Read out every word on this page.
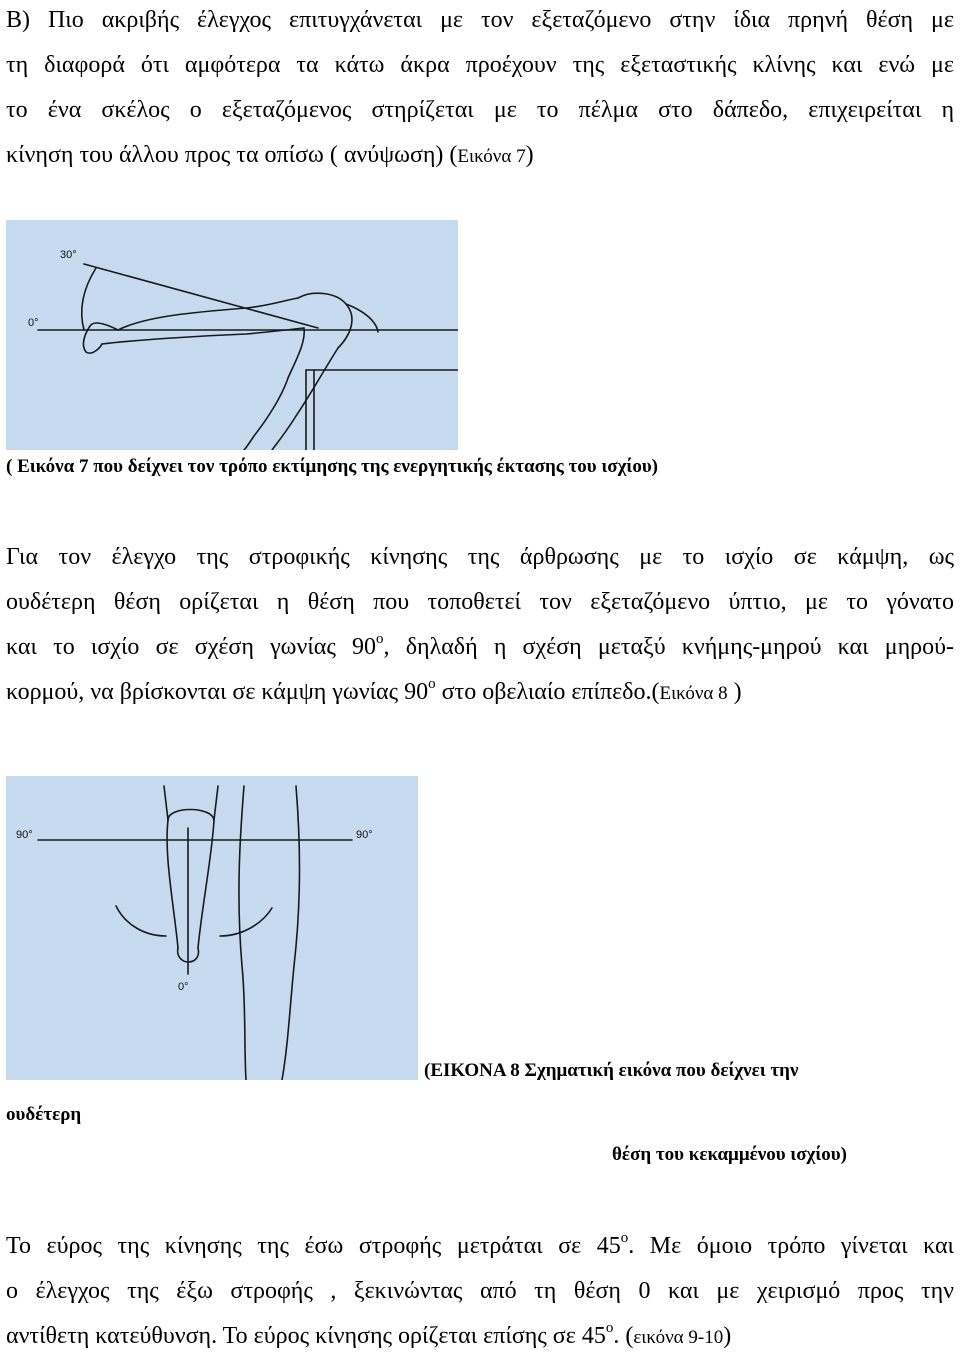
Β) Πιο ακριβής έλεγχος επιτυγχάνεται με τον εξεταζόμενο στην ίδια πρηνή θέση με
τη διαφορά ότι αμφότερα τα κάτω άκρα προέχουν της εξεταστικής κλίνης και ενώ με
το ένα σκέλος ο εξεταζόμενος στηρίζεται με το πέλμα στο δάπεδο, επιχειρείται η
κίνηση του άλλου προς τα οπίσω ( ανύψωση) (Εικόνα 7)
30°
0°
( Εικόνα 7 που δείχνει τον τρόπο εκτίμησης της ενεργητικής έκτασης του ισχίου)
Για τον έλεγχο της στροφικής κίνησης της άρθρωσης με το ισχίο σε κάμψη, ως
ουδέτερη θέση ορίζεται η θέση που τοποθετεί τον εξεταζόμενο ύπτιο, με το γόνατο
και το ισχίο σε σχέση γωνίας $90^o$, δηλαδή η σχέση μεταξύ κνήμης-μηρού και μηρού-
κορμού, να βρίσκονται σε κάμψη γωνίας $90^o$ στο οβελιαίο επίπεδο.(Εικόνα 8 )
90°	90°
0°
(ΕΙΚΟΝΑ 8 Σχηματική εικόνα που δείχνει την
ουδέτερη
θέση του κεκαμμένου ισχίου)
Το εύρος της κίνησης της έσω στροφής μετράται σε $45^o$. Με όμοιο τρόπο γίνεται και
ο έλεγχος της έξω στροφής , ξεκινώντας από τη θέση 0 και με χειρισμό προς την
αντίθετη κατεύθυνση. Το εύρος κίνησης ορίζεται επίσης σε $45^o$. (εικόνα 9-10)
